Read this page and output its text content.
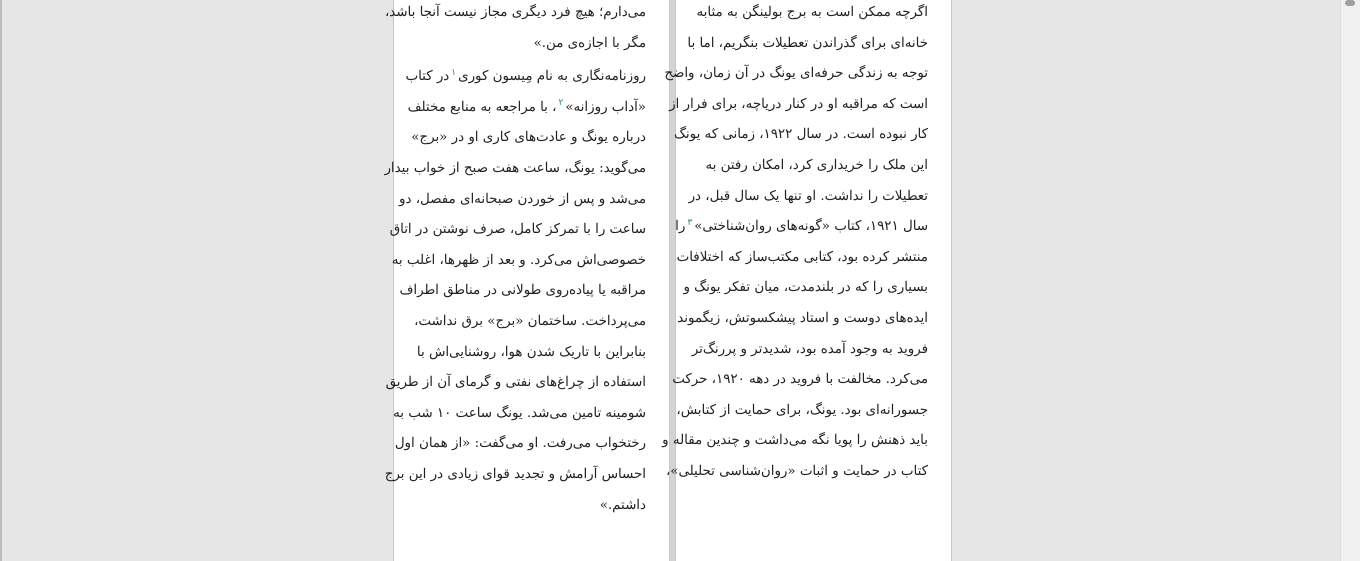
می‌دارم؛ هیچ فرد دیگری مجاز نیست آنجا باشد،
مگر با اجازه‌ی من.»
روزنامه‌نگاری به نام مِیسون کوری$^۱$در کتاب
«آداب روزانه»$^۲$، با مراجعه به منابع مختلف
درباره یونگ و عادت‌های کاری او در «برج»
می‌گوید: یونگ، ساعت هفت صبح از خواب بیدار
می‌شد و پس از خوردن صبحانه‌ای مفصل، دو
ساعت را با تمرکز کامل، صرف نوشتن در اتاق
خصوصی‌اش می‌کرد. و بعد از ظهرها، اغلب به
مراقبه یا پیاده‌روی طولانی در مناطق اطراف
می‌پرداخت. ساختمان «برج» برق نداشت،
بنابراین با تاریک شدن هوا، روشنایی‌اش با
استفاده از چراغ‌های نفتی و گرمای آن از طریق
شومینه تامین می‌شد. یونگ ساعت ۱۰ شب به
رختخواب می‌رفت. او می‌گفت: «از همان اول
احساس آرامش و تجدید قوای زیادی در این برج
داشتم.»
اگرچه ممکن است به برج بولینگن به مثابه
خانه‌ای برای گذراندن تعطیلات بنگریم، اما با
توجه به زندگی حرفه‌ای یونگ در آن زمان، واضح
است که مراقبه او در کنار دریاچه، برای فرار از
کار نبوده است. در سال ۱۹۲۲، زمانی که یونگ
این ملک را خریداری کرد، امکان رفتن به
تعطیلات را نداشت. او تنها یک سال قبل، در
سال ۱۹۲۱، کتاب «گونه‌های روان‌شناختی»$^۳$را
منتشر کرده بود، کتابی مکتب‌ساز که اختلافات
بسیاری را که در بلندمدت، میان تفکر یونگ و
ایده‌های دوست و استاد پیشکسوتش، زیگموند
فروید به وجود آمده بود، شدیدتر و پررنگ‌تر
می‌کرد. مخالفت با فروید در دهه ۱۹۲۰، حرکت
جسورانه‌ای بود. یونگ، برای حمایت از کتابش،
باید ذهنش را پویا نگه می‌داشت و چندین مقاله و
کتاب در حمایت و اثبات «روان‌شناسی تحلیلی»،
